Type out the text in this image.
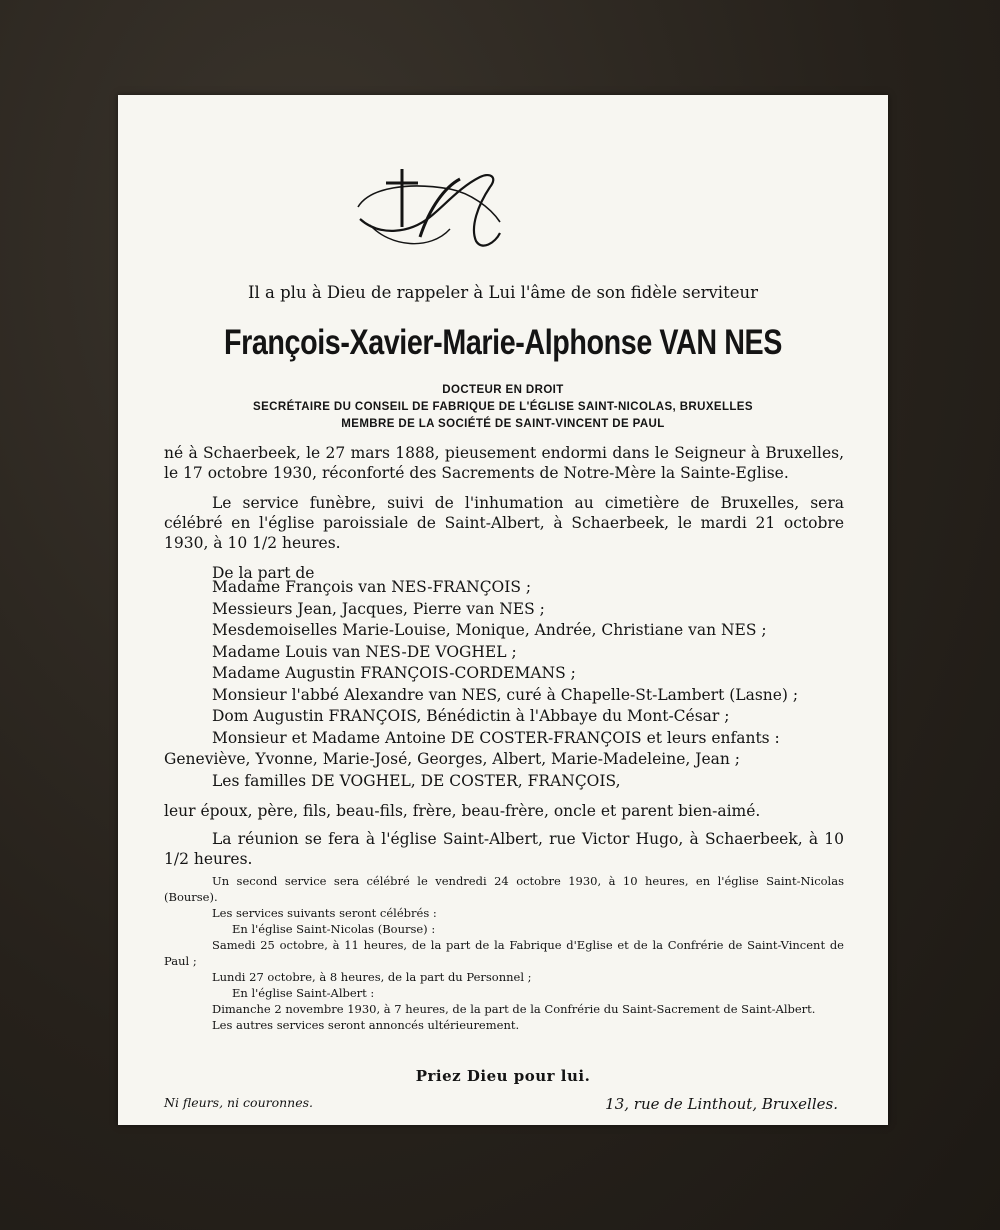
Il a plu à Dieu de rappeler à Lui l'âme de son fidèle serviteur
François-Xavier-Marie-Alphonse VAN NES
DOCTEUR EN DROIT
SECRÉTAIRE DU CONSEIL DE FABRIQUE DE L'ÉGLISE SAINT-NICOLAS, BRUXELLES
MEMBRE DE LA SOCIÉTÉ DE SAINT-VINCENT DE PAUL

né à Schaerbeek, le 27 mars 1888, pieusement endormi dans le Seigneur à Bruxelles, le 17 octobre 1930, réconforté des Sacrements de Notre-Mère la Sainte-Eglise.

Le service funèbre, suivi de l'inhumation au cimetière de Bruxelles, sera célébré en l'église paroissiale de Saint-Albert, à Schaerbeek, le mardi 21 octobre 1930, à 10 1/2 heures.

De la part de

Madame François van NES-FRANÇOIS ;
Messieurs Jean, Jacques, Pierre van NES ;
Mesdemoiselles Marie-Louise, Monique, Andrée, Christiane van NES ;
Madame Louis van NES-DE VOGHEL ;
Madame Augustin FRANÇOIS-CORDEMANS ;
Monsieur l'abbé Alexandre van NES, curé à Chapelle-St-Lambert (Lasne) ;
Dom Augustin FRANÇOIS, Bénédictin à l'Abbaye du Mont-César ;
Monsieur et Madame Antoine DE COSTER-FRANÇOIS et leurs enfants :
Geneviève, Yvonne, Marie-José, Georges, Albert, Marie-Madeleine, Jean ;
Les familles DE VOGHEL, DE COSTER, FRANÇOIS,

leur époux, père, fils, beau-fils, frère, beau-frère, oncle et parent bien-aimé.

La réunion se fera à l'église Saint-Albert, rue Victor Hugo, à Schaerbeek, à 10 1/2 heures.

Un second service sera célébré le vendredi 24 octobre 1930, à 10 heures, en l'église Saint-Nicolas (Bourse).

Les services suivants seront célébrés :

En l'église Saint-Nicolas (Bourse) :

Samedi 25 octobre, à 11 heures, de la part de la Fabrique d'Eglise et de la Confrérie de Saint-Vincent de Paul ;

Lundi 27 octobre, à 8 heures, de la part du Personnel ;

En l'église Saint-Albert :

Dimanche 2 novembre 1930, à 7 heures, de la part de la Confrérie du Saint-Sacrement de Saint-Albert.

Les autres services seront annoncés ultérieurement.

Priez Dieu pour lui.
Ni fleurs, ni couronnes.	13, rue de Linthout, Bruxelles.
